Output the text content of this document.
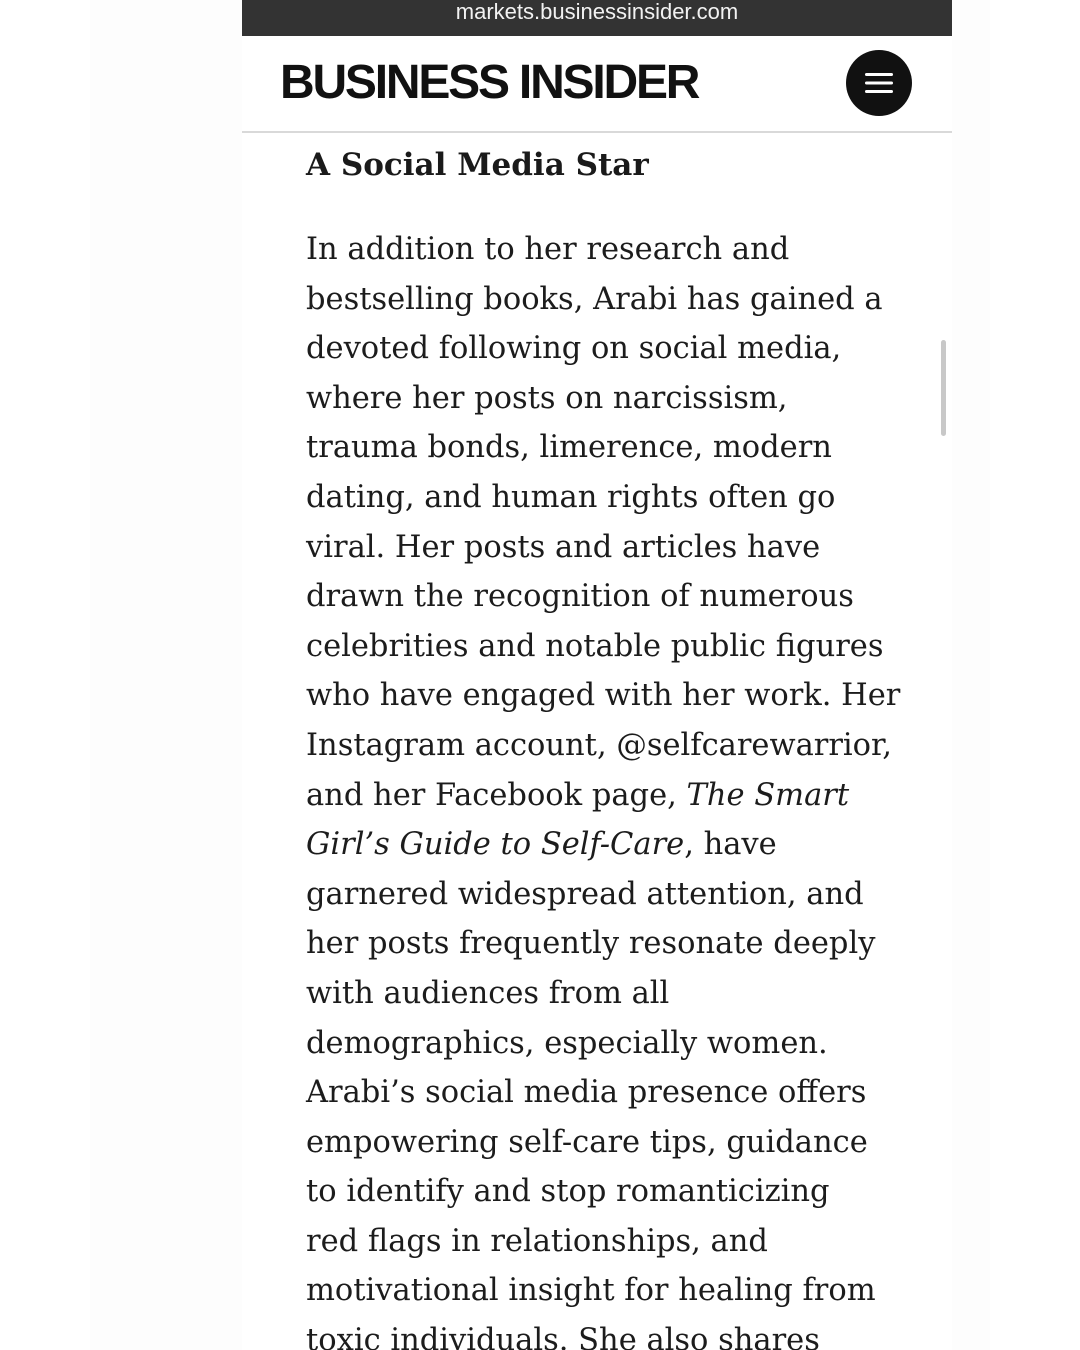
markets.businessinsider.com
BUSINESS INSIDER
A Social Media Star

In addition to her research and
bestselling books, Arabi has gained a
devoted following on social media,
where her posts on narcissism,
trauma bonds, limerence, modern
dating, and human rights often go
viral. Her posts and articles have
drawn the recognition of numerous
celebrities and notable public figures
who have engaged with her work. Her
Instagram account, @selfcarewarrior,
and her Facebook page, The Smart
Girl’s Guide to Self-Care, have
garnered widespread attention, and
her posts frequently resonate deeply
with audiences from all
demographics, especially women.
Arabi’s social media presence offers
empowering self-care tips, guidance
to identify and stop romanticizing
red flags in relationships, and
motivational insight for healing from
toxic individuals. She also shares
